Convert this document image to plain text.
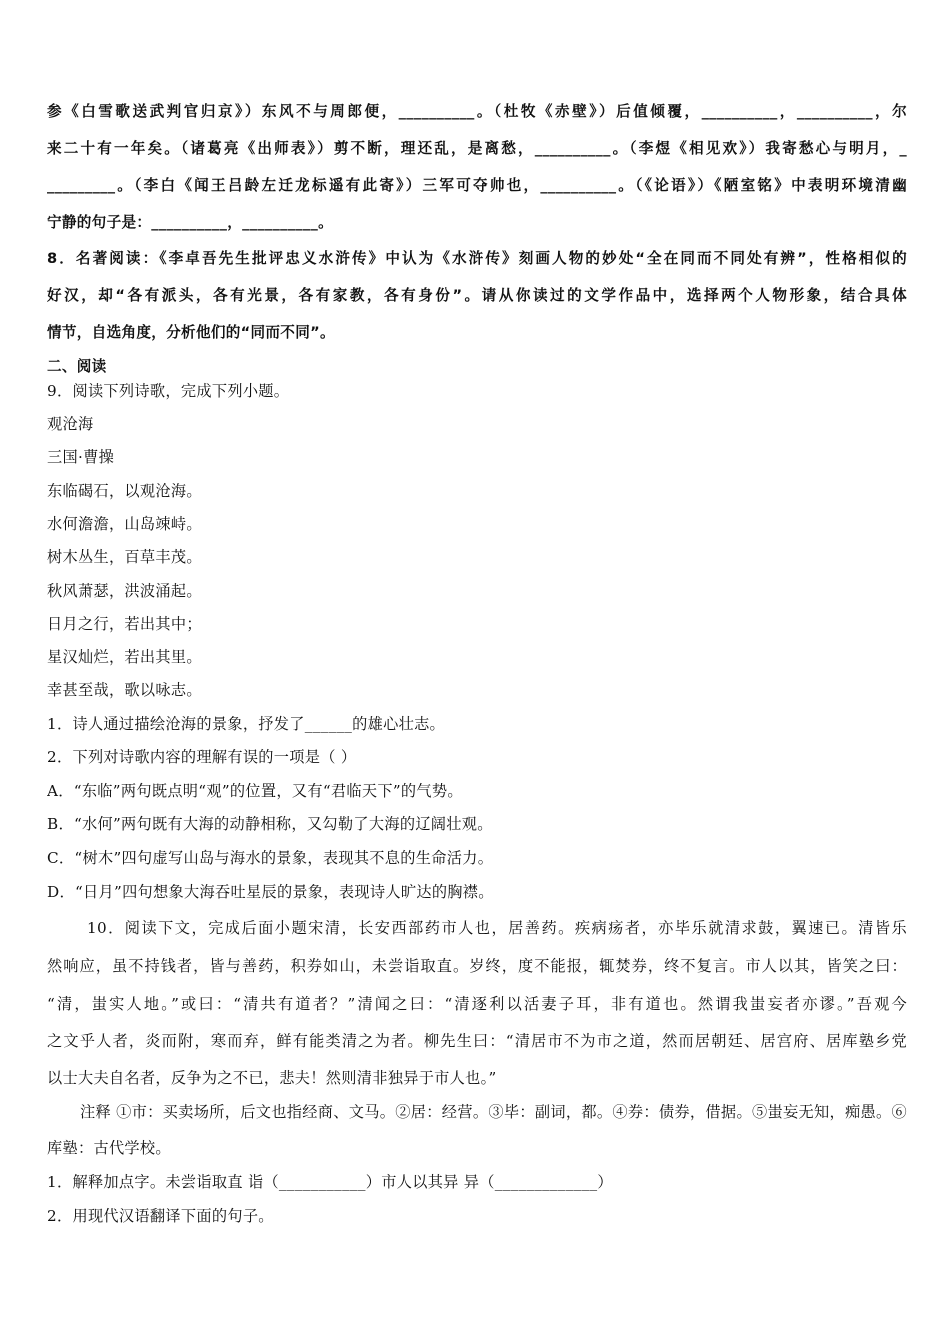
参《白雪歌送武判官归京》）东风不与周郎便，__________。（杜牧《赤壁》）后值倾覆，__________，__________，尔
来二十有一年矣。（诸葛亮《出师表》）剪不断，理还乱，是离愁，__________。（李煜《相见欢》）我寄愁心与明月，_
_________。（李白《闻王吕龄左迁龙标遥有此寄》）三军可夺帅也，__________。（《论语》）《陋室铭》中表明环境清幽
宁静的句子是：__________，__________。
8．名著阅读：《李卓吾先生批评忠义水浒传》中认为《水浒传》刻画人物的妙处“全在同而不同处有辨”，性格相似的
好汉，却“各有派头，各有光景，各有家教，各有身份”。请从你读过的文学作品中，选择两个人物形象，结合具体
情节，自选角度，分析他们的“同而不同”。
二、阅读
9．阅读下列诗歌，完成下列小题。
观沧海
三国·曹操
东临碣石，以观沧海。
水何澹澹，山岛竦峙。
树木丛生，百草丰茂。
秋风萧瑟，洪波涌起。
日月之行，若出其中；
星汉灿烂，若出其里。
幸甚至哉，歌以咏志。
1．诗人通过描绘沧海的景象，抒发了______的雄心壮志。
2．下列对诗歌内容的理解有误的一项是（ ）
A．“东临”两句既点明“观”的位置，又有“君临天下”的气势。
B．“水何”两句既有大海的动静相称，又勾勒了大海的辽阔壮观。
C．“树木”四句虚写山岛与海水的景象，表现其不息的生命活力。
D．“日月”四句想象大海吞吐星辰的景象，表现诗人旷达的胸襟。
10．阅读下文，完成后面小题宋清，长安西部药市人也，居善药。疾病疡者，亦毕乐就清求鼓，翼速已。清皆乐
然响应，虽不持钱者，皆与善药，积券如山，未尝诣取直。岁终，度不能报，辄焚券，终不复言。市人以其，皆笑之曰：
“清，蚩实人地。”或曰：“清共有道者？”清闻之曰：“清逐利以活妻子耳，非有道也。然谓我蚩妄者亦谬。”吾观今
之文乎人者，炎而附，寒而弃，鲜有能类清之为者。柳先生曰：“清居市不为市之道，然而居朝廷、居宫府、居库塾乡党
以士大夫自名者，反争为之不已，悲夫！然则清非独异于市人也。”
注释 ①市：买卖场所，后文也指经商、文马。②居：经营。③毕：副词，都。④券：债券，借据。⑤蚩妄无知，痴愚。⑥
库塾：古代学校。
1．解释加点字。未尝诣取直 诣（___________）市人以其异 异（_____________）
2．用现代汉语翻译下面的句子。
